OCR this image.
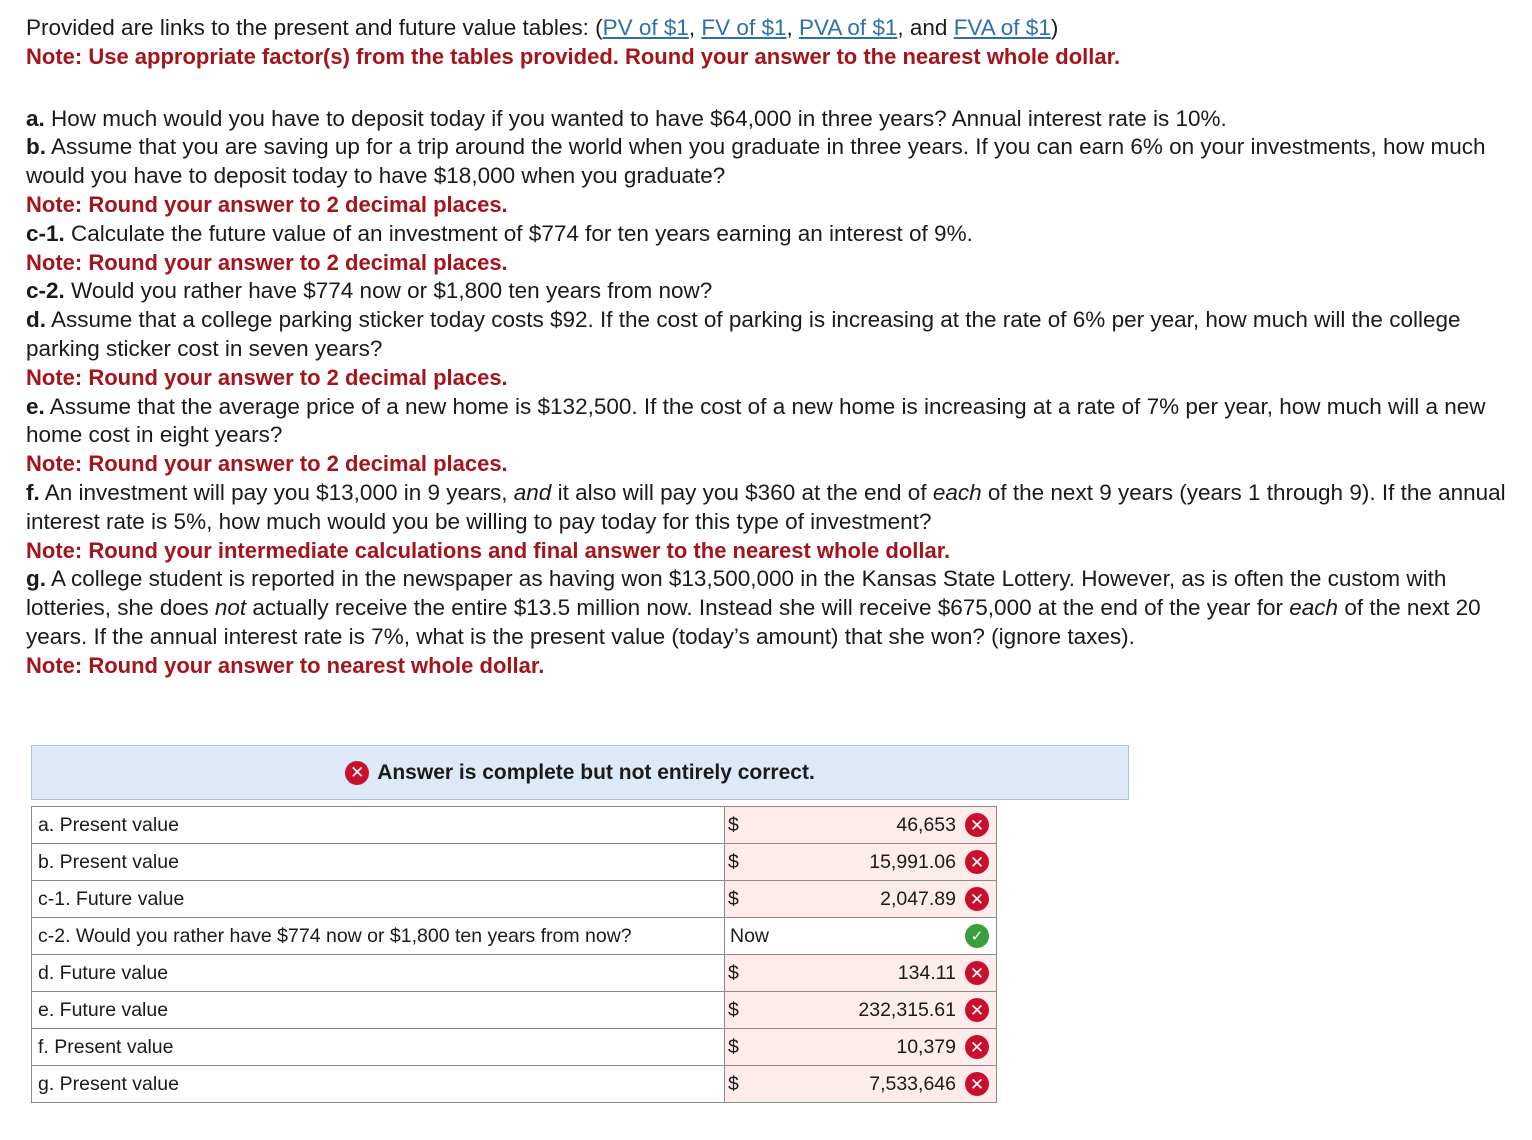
Provided are links to the present and future value tables: (PV of $1, FV of $1, PVA of $1, and FVA of $1)

Note: Use appropriate factor(s) from the tables provided. Round your answer to the nearest whole dollar.

a. How much would you have to deposit today if you wanted to have $64,000 in three years? Annual interest rate is 10%.

b. Assume that you are saving up for a trip around the world when you graduate in three years. If you can earn 6% on your investments, how much would you have to deposit today to have $18,000 when you graduate?

Note: Round your answer to 2 decimal places.

c-1. Calculate the future value of an investment of $774 for ten years earning an interest of 9%.

Note: Round your answer to 2 decimal places.

c-2. Would you rather have $774 now or $1,800 ten years from now?

d. Assume that a college parking sticker today costs $92. If the cost of parking is increasing at the rate of 6% per year, how much will the college parking sticker cost in seven years?

Note: Round your answer to 2 decimal places.

e. Assume that the average price of a new home is $132,500. If the cost of a new home is increasing at a rate of 7% per year, how much will a new home cost in eight years?

Note: Round your answer to 2 decimal places.

f. An investment will pay you $13,000 in 9 years, and it also will pay you $360 at the end of each of the next 9 years (years 1 through 9). If the annual interest rate is 5%, how much would you be willing to pay today for this type of investment?

Note: Round your intermediate calculations and final answer to the nearest whole dollar.

g. A college student is reported in the newspaper as having won $13,500,000 in the Kansas State Lottery. However, as is often the custom with lotteries, she does not actually receive the entire $13.5 million now. Instead she will receive $675,000 at the end of the year for each of the next 20 years. If the annual interest rate is 7%, what is the present value (today’s amount) that she won? (ignore taxes).

Note: Round your answer to nearest whole dollar.

✕ Answer is complete but not entirely correct.
a. Present value	$ 46,653 ✕

b. Present value	$ 15,991.06 ✕

c-1. Future value	$ 2,047.89 ✕

c-2. Would you rather have $774 now or $1,800 ten years from now?	Now ✓

d. Future value	$ 134.11 ✕

e. Future value	$ 232,315.61 ✕

f. Present value	$ 10,379 ✕

g. Present value	$ 7,533,646 ✕
